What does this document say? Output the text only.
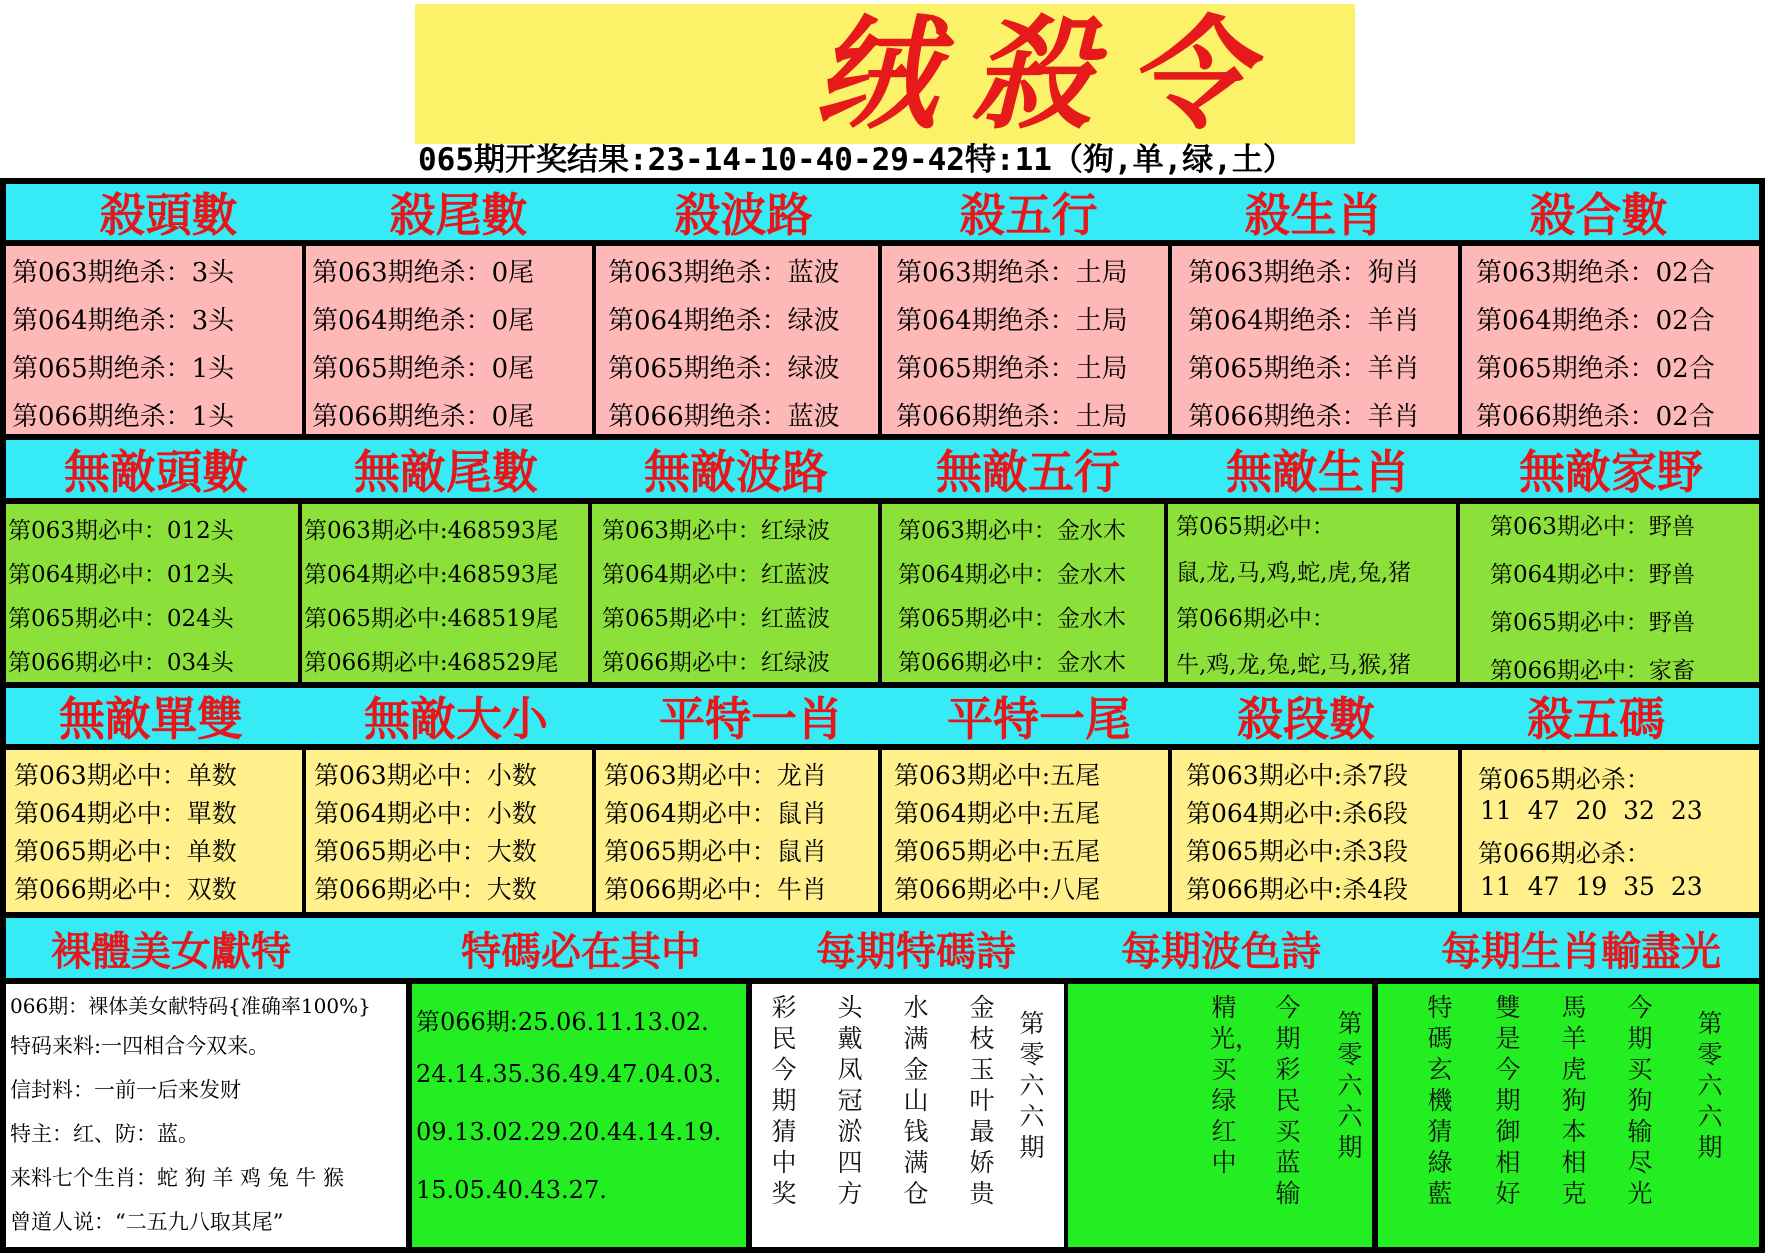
绒殺令
065期开奖结果:23-14-10-40-29-42特:11（狗,单,绿,土）
殺頭數	殺尾數	殺波路	殺五行	殺生肖	殺合數
第063期绝杀：3头
第064期绝杀：3头
第065期绝杀：1头
第066期绝杀：1头
第063期绝杀：0尾
第064期绝杀：0尾
第065期绝杀：0尾
第066期绝杀：0尾
第063期绝杀：蓝波
第064期绝杀：绿波
第065期绝杀：绿波
第066期绝杀：蓝波
第063期绝杀：土局
第064期绝杀：土局
第065期绝杀：土局
第066期绝杀：土局
第063期绝杀：狗肖
第064期绝杀：羊肖
第065期绝杀：羊肖
第066期绝杀：羊肖
第063期绝杀：02合
第064期绝杀：02合
第065期绝杀：02合
第066期绝杀：02合
無敵頭數	無敵尾數	無敵波路	無敵五行	無敵生肖	無敵家野
第063期必中：012头
第064期必中：012头
第065期必中：024头
第066期必中：034头
第063期必中:468593尾
第064期必中:468593尾
第065期必中:468519尾
第066期必中:468529尾
第063期必中：红绿波
第064期必中：红蓝波
第065期必中：红蓝波
第066期必中：红绿波
第063期必中：金水木
第064期必中：金水木
第065期必中：金水木
第066期必中：金水木
第065期必中：
鼠,龙,马,鸡,蛇,虎,兔,猪
第066期必中：
牛,鸡,龙,兔,蛇,马,猴,猪
第063期必中：野兽
第064期必中：野兽
第065期必中：野兽
第066期必中：家畜
無敵單雙	無敵大小	平特一肖	平特一尾	殺段數	殺五碼
第063期必中：单数
第064期必中：單数
第065期必中：单数
第066期必中：双数
第063期必中：小数
第064期必中：小数
第065期必中：大数
第066期必中：大数
第063期必中：龙肖
第064期必中：鼠肖
第065期必中：鼠肖
第066期必中：牛肖
第063期必中:五尾
第064期必中:五尾
第065期必中:五尾
第066期必中:八尾
第063期必中:杀7段
第064期必中:杀6段
第065期必中:杀3段
第066期必中:杀4段
第065期必杀：
11  47  20  32  23
第066期必杀：
11  47  19  35  23
裸體美女獻特	特碼必在其中	每期特碼詩	每期波色詩	每期生肖輸盡光
066期：裸体美女献特码{准确率100%}
特码来料:一四相合今双来。
信封料：一前一后来发财
特主：红、防：蓝。
来料七个生肖：蛇 狗 羊 鸡 兔 牛 猴
曾道人说：“二五九八取其尾”
第066期:25.06.11.13.02.
24.14.35.36.49.47.04.03.
09.13.02.29.20.44.14.19.
15.05.40.43.27.
彩民今期猜中奖
头戴凤冠淤四方
水满金山钱满仓
金枝玉叶最娇贵
第零六六期
精光，买绿红中
今期彩民买蓝输
第零六六期
特碼玄機猜綠藍
雙是今期御相好
馬羊虎狗本相克
今期买狗输尽光
第零六六期
